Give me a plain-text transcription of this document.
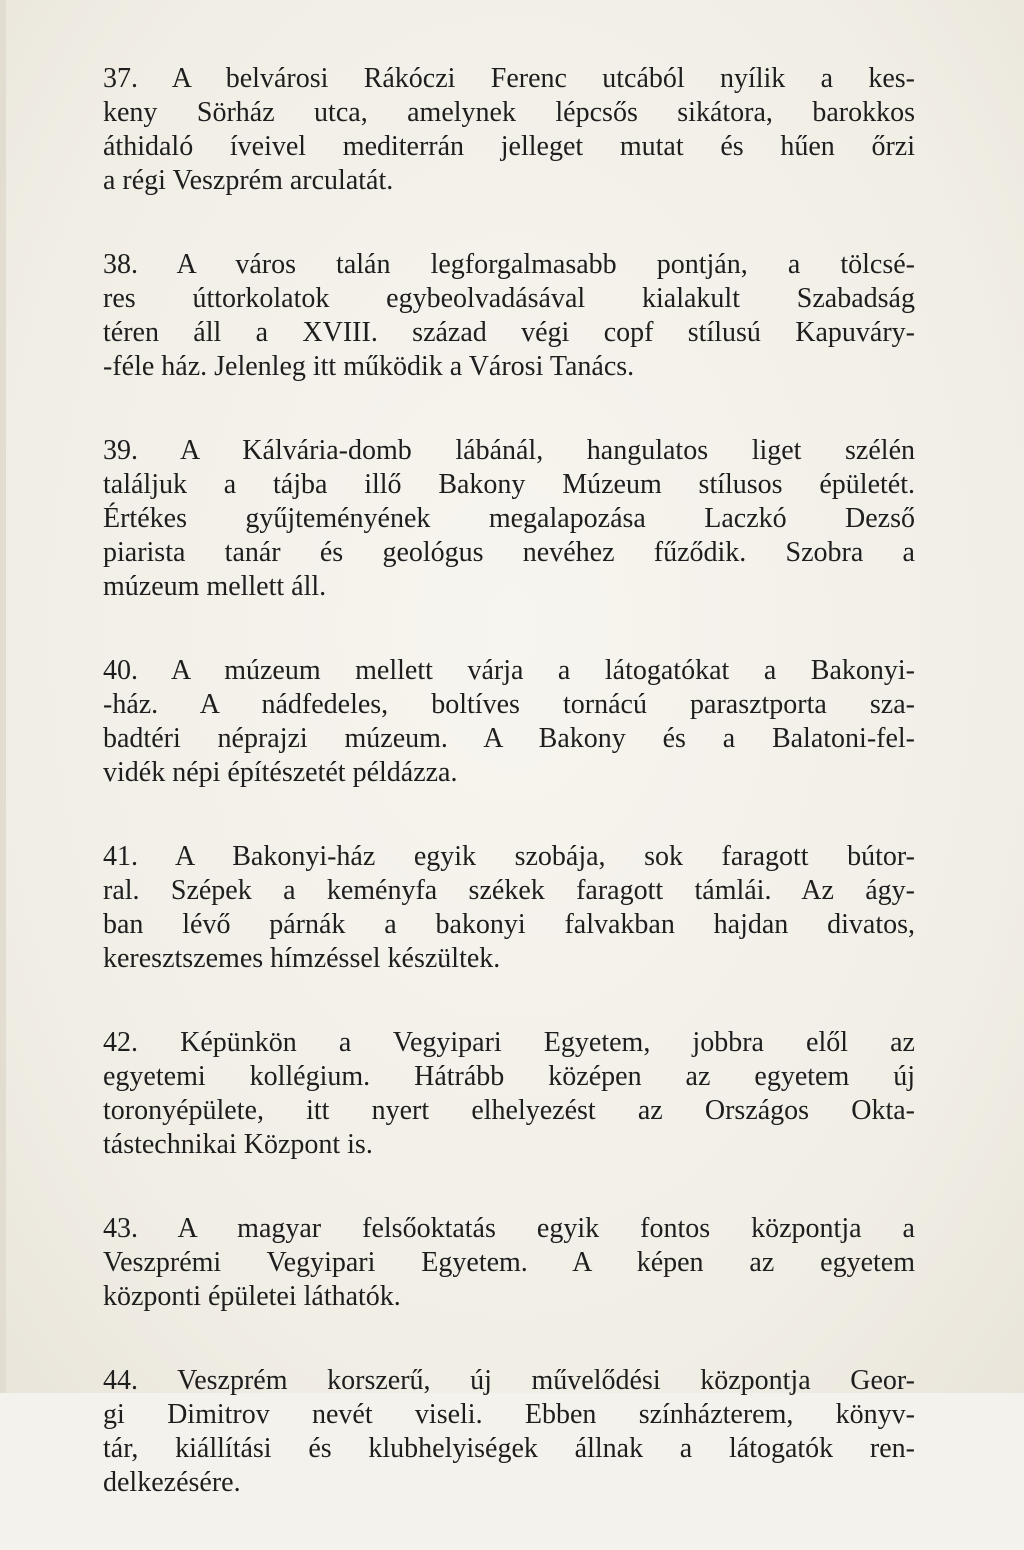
37. A belvárosi Rákóczi Ferenc utcából nyílik a kes-
keny Sörház utca, amelynek lépcsős sikátora, barokkos
áthidaló íveivel mediterrán jelleget mutat és hűen őrzi
a régi Veszprém arculatát.
38. A város talán legforgalmasabb pontján, a tölcsé-
res úttorkolatok egybeolvadásával kialakult Szabadság
téren áll a XVIII. század végi copf stílusú Kapuváry-
-féle ház. Jelenleg itt működik a Városi Tanács.
39. A Kálvária-domb lábánál, hangulatos liget szélén
találjuk a tájba illő Bakony Múzeum stílusos épületét.
Értékes gyűjteményének megalapozása Laczkó Dezső
piarista tanár és geológus nevéhez fűződik. Szobra a
múzeum mellett áll.
40. A múzeum mellett várja a látogatókat a Bakonyi-
-ház. A nádfedeles, boltíves tornácú parasztporta sza-
badtéri néprajzi múzeum. A Bakony és a Balatoni-fel-
vidék népi építészetét példázza.
41. A Bakonyi-ház egyik szobája, sok faragott bútor-
ral. Szépek a keményfa székek faragott támlái. Az ágy-
ban lévő párnák a bakonyi falvakban hajdan divatos,
keresztszemes hímzéssel készültek.
42. Képünkön a Vegyipari Egyetem, jobbra elől az
egyetemi kollégium. Hátrább középen az egyetem új
toronyépülete, itt nyert elhelyezést az Országos Okta-
tástechnikai Központ is.
43. A magyar felsőoktatás egyik fontos központja a
Veszprémi Vegyipari Egyetem. A képen az egyetem
központi épületei láthatók.
44. Veszprém korszerű, új művelődési központja Geor-
gi Dimitrov nevét viseli. Ebben színházterem, könyv-
tár, kiállítási és klubhelyiségek állnak a látogatók ren-
delkezésére.
